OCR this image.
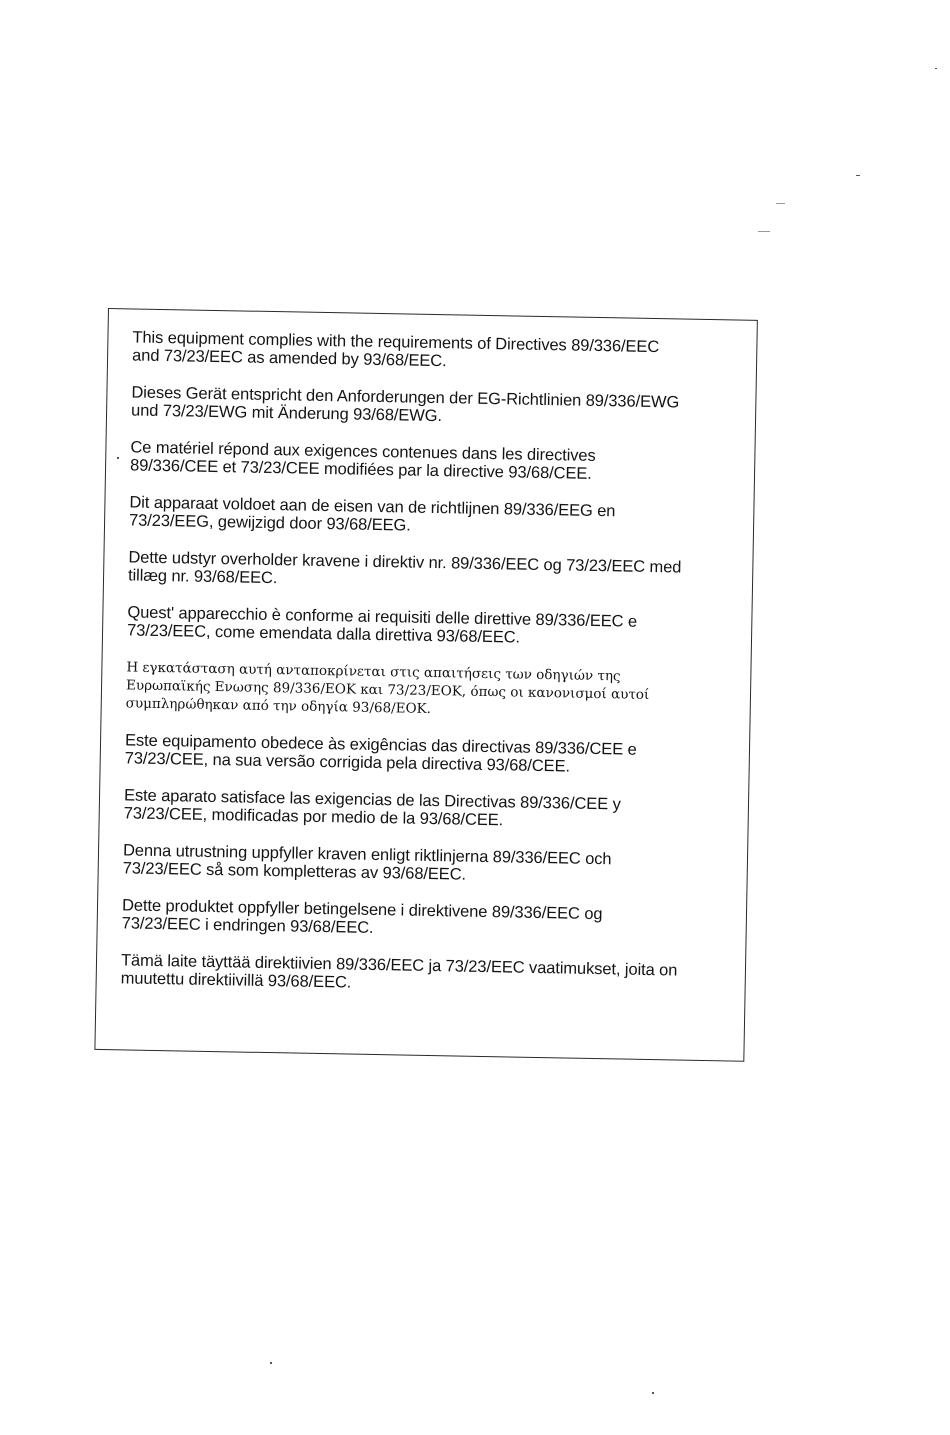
This equipment complies with the requirements of Directives 89/336/EEC
and 73/23/EEC as amended by 93/68/EEC.

Dieses Gerät entspricht den Anforderungen der EG-Richtlinien 89/336/EWG
und 73/23/EWG mit Änderung 93/68/EWG.

Ce matériel répond aux exigences contenues dans les directives
89/336/CEE et 73/23/CEE modifiées par la directive 93/68/CEE.

Dit apparaat voldoet aan de eisen van de richtlijnen 89/336/EEG en
73/23/EEG, gewijzigd door 93/68/EEG.

Dette udstyr overholder kravene i direktiv nr. 89/336/EEC og 73/23/EEC med
tillæg nr. 93/68/EEC.

Quest' apparecchio è conforme ai requisiti delle direttive 89/336/EEC e
73/23/EEC, come emendata dalla direttiva 93/68/EEC.

Η εγκατάσταση αυτή ανταποκρίνεται στις απαιτήσεις των οδηγιών της
Ευρωπαϊκής Ενωσης 89/336/EOK και 73/23/EOK, όπως οι κανονισμοί αυτοί
συμπληρώθηκαν από την οδηγία 93/68/EOK.

Este equipamento obedece às exigências das directivas 89/336/CEE e
73/23/CEE, na sua versão corrigida pela directiva 93/68/CEE.

Este aparato satisface las exigencias de las Directivas 89/336/CEE y
73/23/CEE, modificadas por medio de la 93/68/CEE.

Denna utrustning uppfyller kraven enligt riktlinjerna 89/336/EEC och
73/23/EEC så som kompletteras av 93/68/EEC.

Dette produktet oppfyller betingelsene i direktivene 89/336/EEC og
73/23/EEC i endringen 93/68/EEC.

Tämä laite täyttää direktiivien 89/336/EEC ja 73/23/EEC vaatimukset, joita on
muutettu direktiivillä 93/68/EEC.
